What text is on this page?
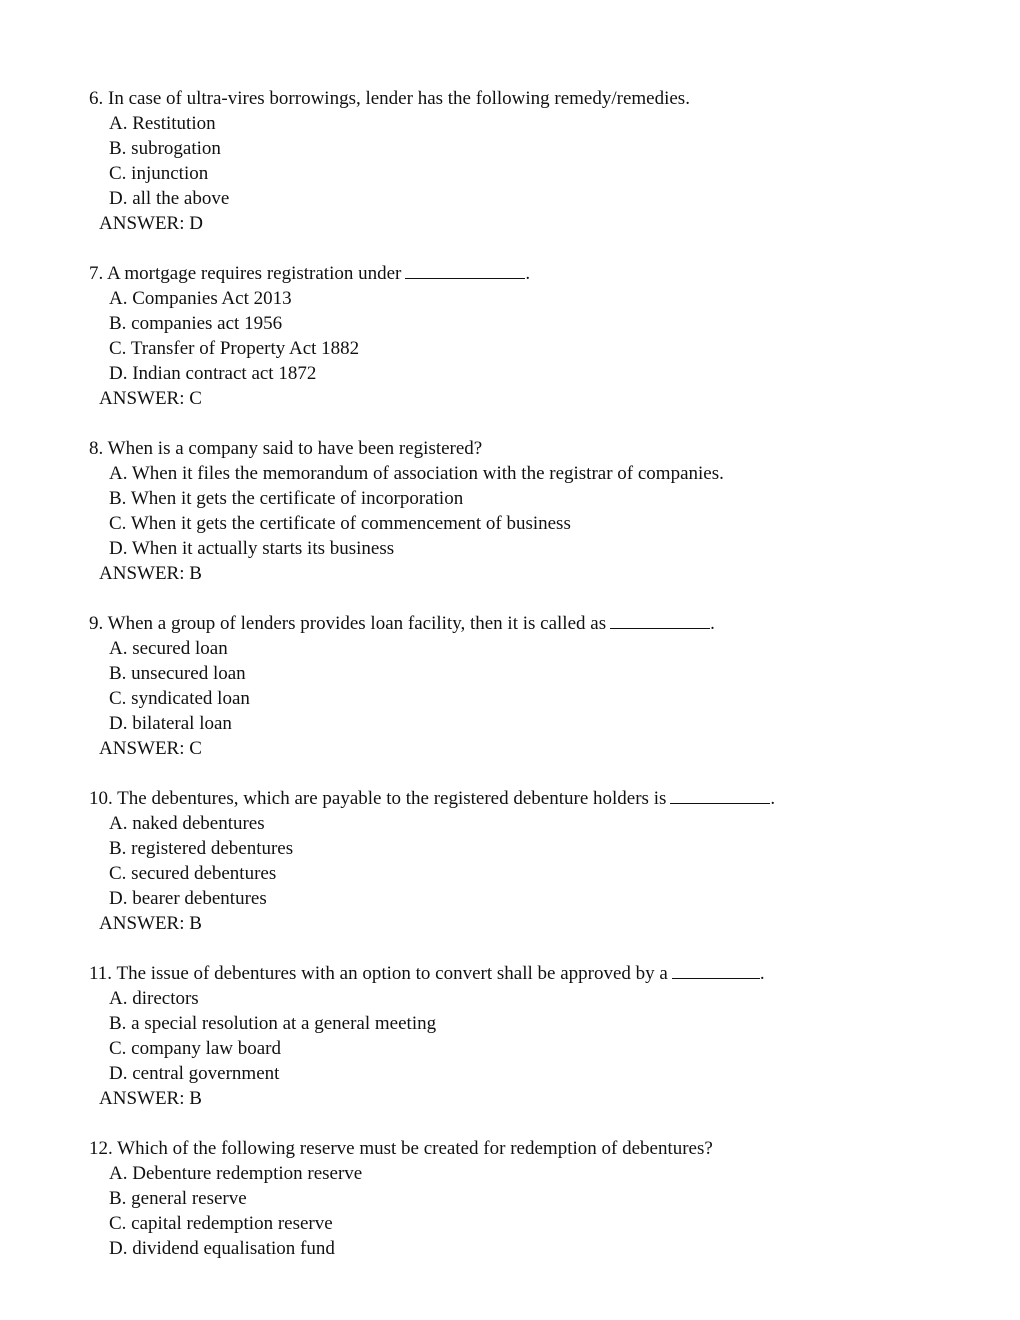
6. In case of ultra-vires borrowings, lender has the following remedy/remedies.
A. Restitution
B. subrogation
C. injunction
D. all the above
ANSWER: D
7. A mortgage requires registration under	.
A. Companies Act 2013
B. companies act 1956
C. Transfer of Property Act 1882
D. Indian contract act 1872
ANSWER: C
8. When is a company said to have been registered?
A. When it files the memorandum of association with the registrar of companies.
B. When it gets the certificate of incorporation
C. When it gets the certificate of commencement of business
D. When it actually starts its business
ANSWER: B
9. When a group of lenders provides loan facility, then it is called as	.
A. secured loan
B. unsecured loan
C. syndicated loan
D. bilateral loan
ANSWER: C
10. The debentures, which are payable to the registered debenture holders is	.
A. naked debentures
B. registered debentures
C. secured debentures
D. bearer debentures
ANSWER: B
11. The issue of debentures with an option to convert shall be approved by a	.
A. directors
B. a special resolution at a general meeting
C. company law board
D. central government
ANSWER: B
12. Which of the following reserve must be created for redemption of debentures?
A. Debenture redemption reserve
B. general reserve
C. capital redemption reserve
D. dividend equalisation fund
